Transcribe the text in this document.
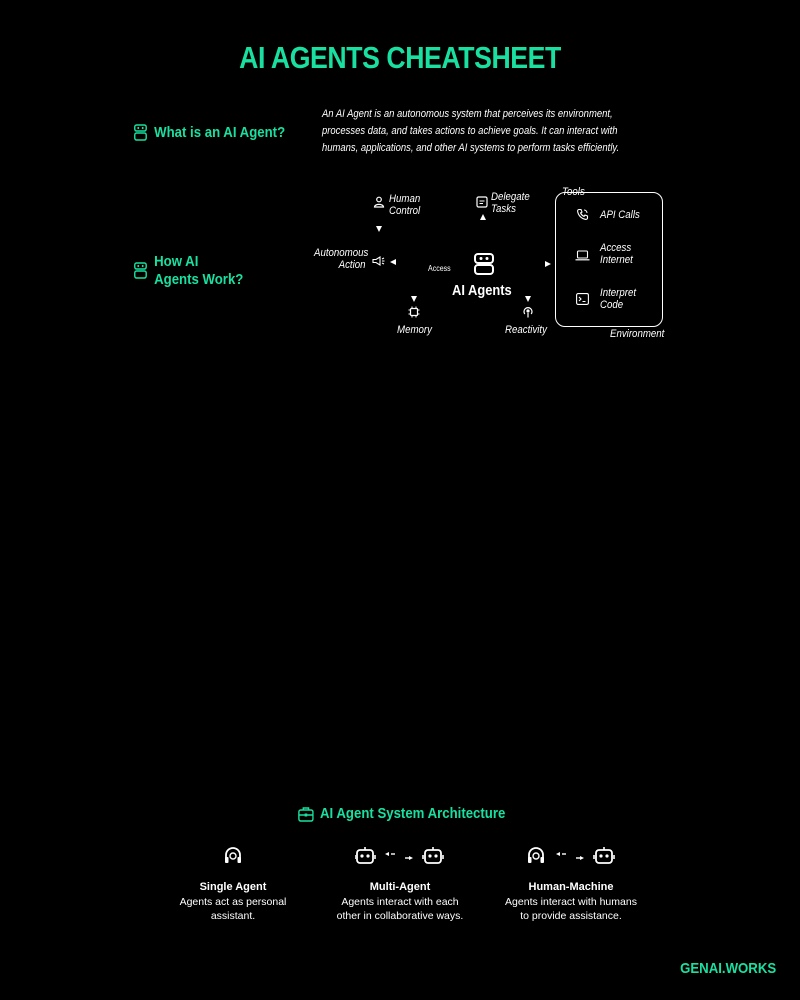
AI AGENTS CHEATSHEET
What is an AI Agent?
An AI Agent is an autonomous system that perceives its environment, processes data, and takes actions to achieve goals. It can interact with humans, applications, and other AI systems to perform tasks efficiently.
How AI
Agents Work?
Human
Control
Delegate
Tasks
Autonomous
Action	Access
AI Agents
Memory	Reactivity
Tools
API Calls
Access
Internet
Interpret
Code
Environment
AI Agent System Architecture
Single Agent
Agents act as personal
assistant.
Multi-Agent
Agents interact with each
other in collaborative ways.
Human-Machine
Agents interact with humans
to provide assistance.
GENAI.WORKS
